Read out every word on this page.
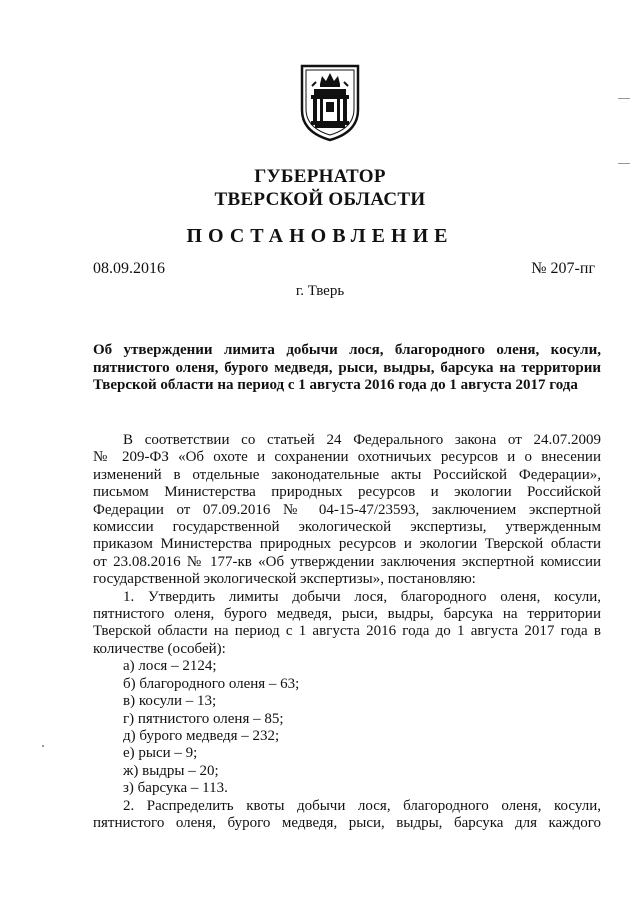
ГУБЕРНАТОР
ТВЕРСКОЙ ОБЛАСТИ
ПОСТАНОВЛЕНИЕ
08.09.2016	№ 207-пг
г. Тверь
Об утверждении лимита добычи лося, благородного оленя, косули,
пятнистого оленя, бурого медведя, рыси, выдры, барсука на территории
Тверской области на период с 1 августа 2016 года до 1 августа 2017 года
В соответствии со статьей 24 Федерального закона от 24.07.2009
№ 209-ФЗ «Об охоте и сохранении охотничьих ресурсов и о внесении
изменений в отдельные законодательные акты Российской Федерации»,
письмом Министерства природных ресурсов и экологии Российской
Федерации от 07.09.2016 № 04-15-47/23593, заключением экспертной
комиссии государственной экологической экспертизы, утвержденным
приказом Министерства природных ресурсов и экологии Тверской области
от 23.08.2016 № 177-кв «Об утверждении заключения экспертной комиссии
государственной экологической экспертизы», постановляю:
1. Утвердить лимиты добычи лося, благородного оленя, косули,
пятнистого оленя, бурого медведя, рыси, выдры, барсука на территории
Тверской области на период с 1 августа 2016 года до 1 августа 2017 года в
количестве (особей):
а) лося – 2124;
б) благородного оленя – 63;
в) косули – 13;
г) пятнистого оленя – 85;
д) бурого медведя – 232;
е) рыси – 9;
ж) выдры – 20;
з) барсука – 113.
2. Распределить квоты добычи лося, благородного оленя, косули,
пятнистого оленя, бурого медведя, рыси, выдры, барсука для каждого
